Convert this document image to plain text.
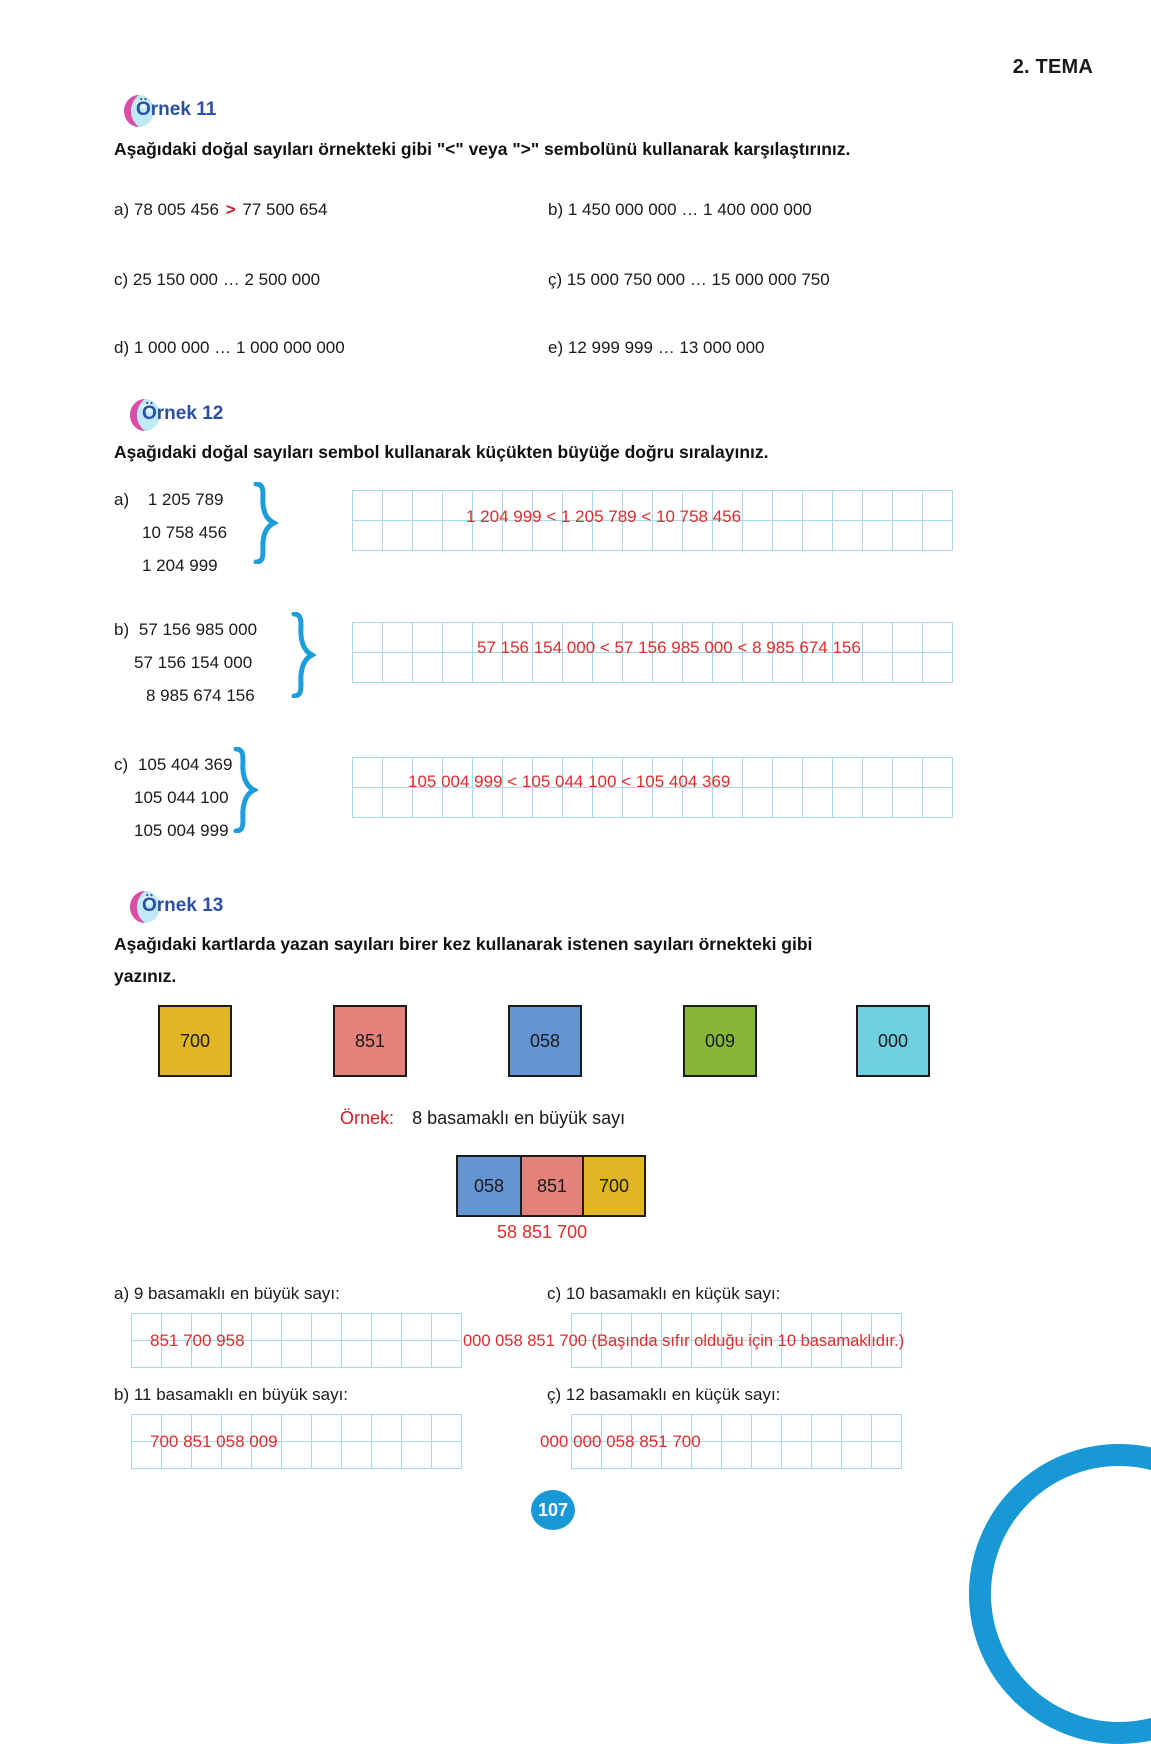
2. TEMA
Örnek 11
Aşağıdaki doğal sayıları örnekteki gibi "<" veya ">" sembolünü kullanarak karşılaştırınız.
a) 78 005 456 > 77 500 654	b) 1 450 000 000 … 1 400 000 000
c) 25 150 000 … 2 500 000	ç) 15 000 750 000 … 15 000 000 750
d) 1 000 000 … 1 000 000 000	e) 12 999 999 … 13 000 000
Örnek 12
Aşağıdaki doğal sayıları sembol kullanarak küçükten büyüğe doğru sıralayınız.
a) 1 205 789
10 758 456
1 204 999
1 204 999 < 1 205 789 < 10 758 456
b) 57 156 985 000
57 156 154 000
8 985 674 156
57 156 154 000 < 57 156 985 000 < 8 985 674 156
c) 105 404 369
105 044 100
105 004 999
105 004 999 < 105 044 100 < 105 404 369
Örnek 13
Aşağıdaki kartlarda yazan sayıları birer kez kullanarak istenen sayıları örnekteki gibi
yazınız.
700	851	058	009	000
Örnek: 8 basamaklı en büyük sayı
058 851 700
58 851 700
a) 9 basamaklı en büyük sayı:
851 700 958
c) 10 basamaklı en küçük sayı:
000 058 851 700 (Başında sıfır olduğu için 10 basamaklıdır.)
b) 11 basamaklı en büyük sayı:
700 851 058 009
ç) 12 basamaklı en küçük sayı:
000 000 058 851 700
107
